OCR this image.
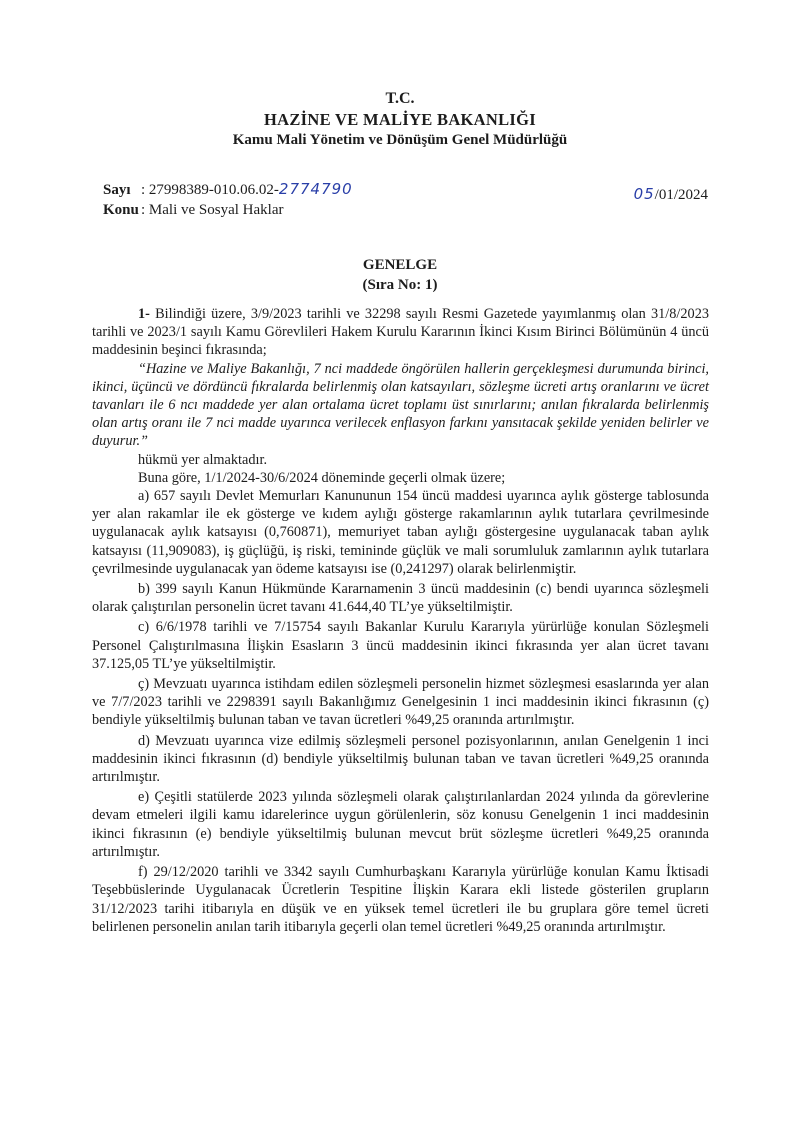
T.C.
HAZİNE VE MALİYE BAKANLIĞI
Kamu Mali Yönetim ve Dönüşüm Genel Müdürlüğü
Sayı : 27998389-010.06.02-2774790
Konu : Mali ve Sosyal Haklar
05/01/2024
GENELGE
(Sıra No: 1)

1- Bilindiği üzere, 3/9/2023 tarihli ve 32298 sayılı Resmi Gazetede yayımlanmış olan 31/8/2023 tarihli ve 2023/1 sayılı Kamu Görevlileri Hakem Kurulu Kararının İkinci Kısım Birinci Bölümünün 4 üncü maddesinin beşinci fıkrasında;

“Hazine ve Maliye Bakanlığı, 7 nci maddede öngörülen hallerin gerçekleşmesi durumunda birinci, ikinci, üçüncü ve dördüncü fıkralarda belirlenmiş olan katsayıları, sözleşme ücreti artış oranlarını ve ücret tavanları ile 6 ncı maddede yer alan ortalama ücret toplamı üst sınırlarını; anılan fıkralarda belirlenmiş olan artış oranı ile 7 nci madde uyarınca verilecek enflasyon farkını yansıtacak şekilde yeniden belirler ve duyurur.”

hükmü yer almaktadır.

Buna göre, 1/1/2024-30/6/2024 döneminde geçerli olmak üzere;

a) 657 sayılı Devlet Memurları Kanununun 154 üncü maddesi uyarınca aylık gösterge tablosunda yer alan rakamlar ile ek gösterge ve kıdem aylığı gösterge rakamlarının aylık tutarlara çevrilmesinde uygulanacak aylık katsayısı (0,760871), memuriyet taban aylığı göstergesine uygulanacak taban aylık katsayısı (11,909083), iş güçlüğü, iş riski, temininde güçlük ve mali sorumluluk zamlarının aylık tutarlara çevrilmesinde uygulanacak yan ödeme katsayısı ise (0,241297) olarak belirlenmiştir.

b) 399 sayılı Kanun Hükmünde Kararnamenin 3 üncü maddesinin (c) bendi uyarınca sözleşmeli olarak çalıştırılan personelin ücret tavanı 41.644,40 TL’ye yükseltilmiştir.

c) 6/6/1978 tarihli ve 7/15754 sayılı Bakanlar Kurulu Kararıyla yürürlüğe konulan Sözleşmeli Personel Çalıştırılmasına İlişkin Esasların 3 üncü maddesinin ikinci fıkrasında yer alan ücret tavanı 37.125,05 TL’ye yükseltilmiştir.

ç) Mevzuatı uyarınca istihdam edilen sözleşmeli personelin hizmet sözleşmesi esaslarında yer alan ve 7/7/2023 tarihli ve 2298391 sayılı Bakanlığımız Genelgesinin 1 inci maddesinin ikinci fıkrasının (ç) bendiyle yükseltilmiş bulunan taban ve tavan ücretleri %49,25 oranında artırılmıştır.

d) Mevzuatı uyarınca vize edilmiş sözleşmeli personel pozisyonlarının, anılan Genelgenin 1 inci maddesinin ikinci fıkrasının (d) bendiyle yükseltilmiş bulunan taban ve tavan ücretleri %49,25 oranında artırılmıştır.

e) Çeşitli statülerde 2023 yılında sözleşmeli olarak çalıştırılanlardan 2024 yılında da görevlerine devam etmeleri ilgili kamu idarelerince uygun görülenlerin, söz konusu Genelgenin 1 inci maddesinin ikinci fıkrasının (e) bendiyle yükseltilmiş bulunan mevcut brüt sözleşme ücretleri %49,25 oranında artırılmıştır.

f) 29/12/2020 tarihli ve 3342 sayılı Cumhurbaşkanı Kararıyla yürürlüğe konulan Kamu İktisadi Teşebbüslerinde Uygulanacak Ücretlerin Tespitine İlişkin Karara ekli listede gösterilen grupların 31/12/2023 tarihi itibarıyla en düşük ve en yüksek temel ücretleri ile bu gruplara göre temel ücreti belirlenen personelin anılan tarih itibarıyla geçerli olan temel ücretleri %49,25 oranında artırılmıştır.
